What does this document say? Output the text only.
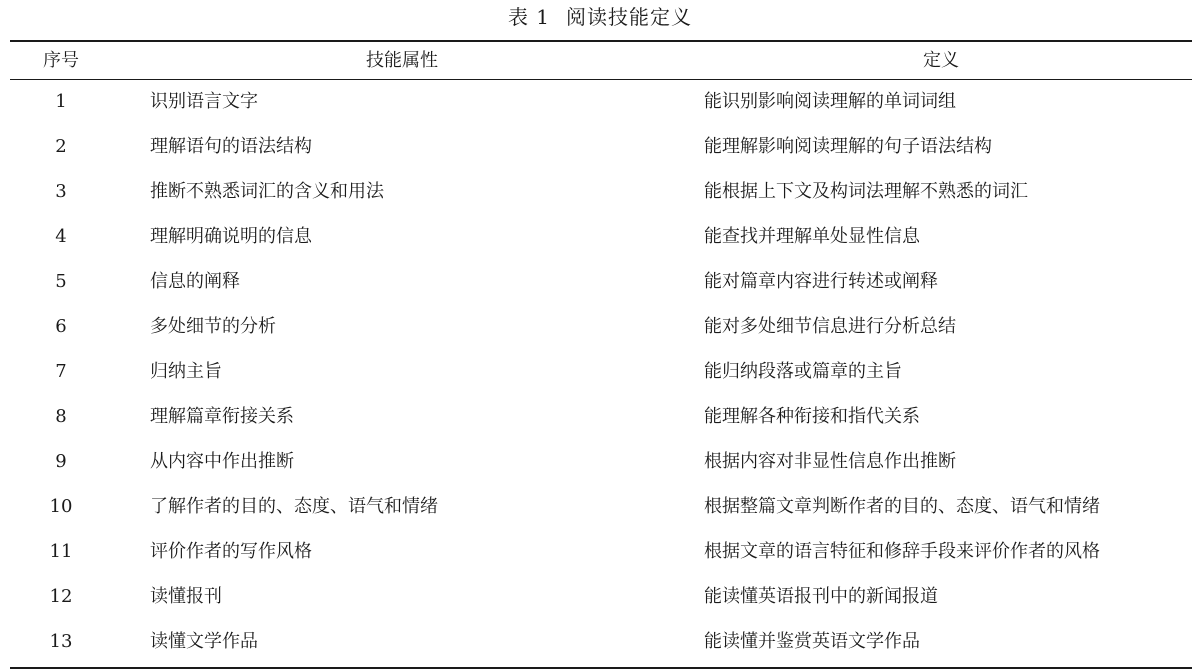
表 1 阅读技能定义
序号	技能属性	定义
1	识别语言文字	能识别影响阅读理解的单词词组
2	理解语句的语法结构	能理解影响阅读理解的句子语法结构
3	推断不熟悉词汇的含义和用法	能根据上下文及构词法理解不熟悉的词汇
4	理解明确说明的信息	能查找并理解单处显性信息
5	信息的阐释	能对篇章内容进行转述或阐释
6	多处细节的分析	能对多处细节信息进行分析总结
7	归纳主旨	能归纳段落或篇章的主旨
8	理解篇章衔接关系	能理解各种衔接和指代关系
9	从内容中作出推断	根据内容对非显性信息作出推断
10	了解作者的目的、态度、语气和情绪	根据整篇文章判断作者的目的、态度、语气和情绪
11	评价作者的写作风格	根据文章的语言特征和修辞手段来评价作者的风格
12	读懂报刊	能读懂英语报刊中的新闻报道
13	读懂文学作品	能读懂并鉴赏英语文学作品
